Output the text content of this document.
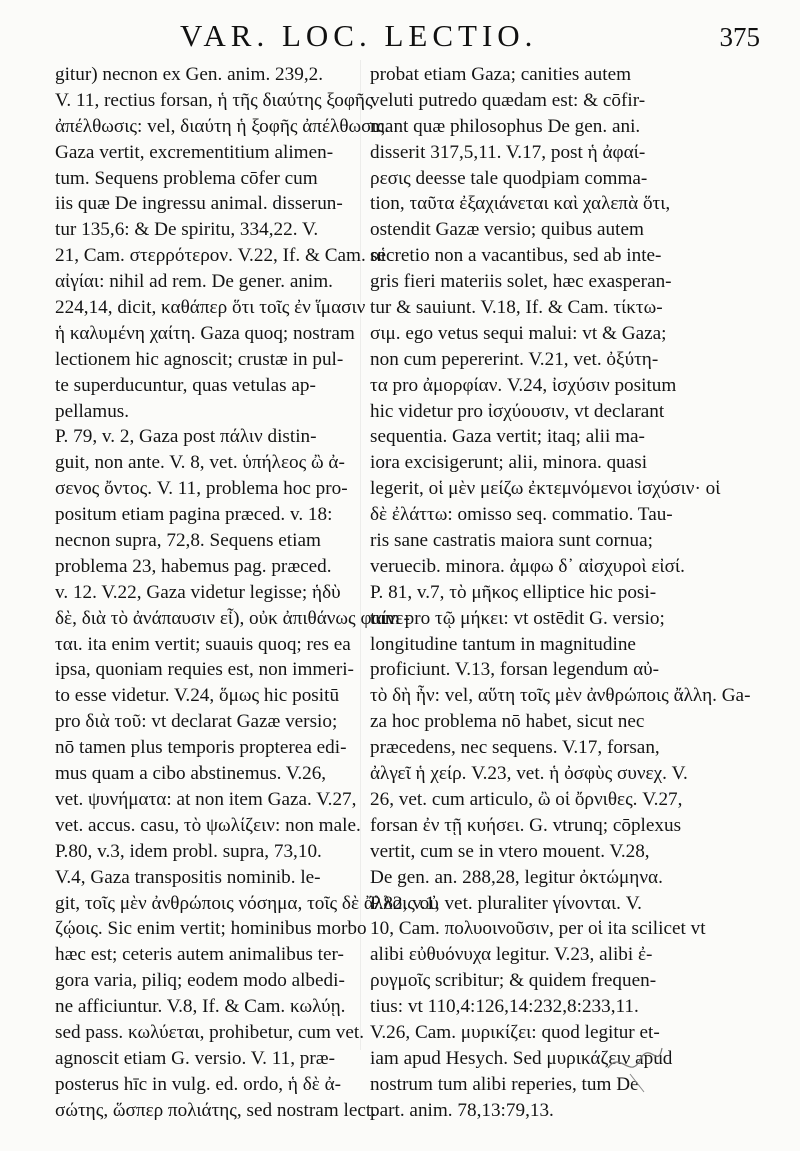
VAR. LOC. LECTIO.	375
gitur) necnon ex Gen. anim. 239,2.
V. 11, rectius forsan, ἡ τῆς διαύτης ξοφῆς
ἀπέλθωσις: vel, διαύτη ἡ ξοφῆς ἀπέλθωσις.
Gaza vertit, excrementitium alimen-
tum. Sequens problema cōfer cum
iis quæ De ingressu animal. disserun-
tur 135,6: & De spiritu, 334,22. V.
21, Cam. στερρότερον. V.22, If. & Cam. αἱ
αἰγίαι: nihil ad rem. De gener. anim.
224,14, dicit, καθάπερ ὅτι τοῖς ἐν ἵμασιν
ἡ καλυμένη χαίτη. Gaza quoq; nostram
lectionem hic agnoscit; crustæ in pul-
te superducuntur, quas vetulas ap-
pellamus.
P. 79, v. 2, Gaza post πάλιν distin-
guit, non ante. V. 8, vet. ὑπήλεος ὢ ἀ-
σενος ὄντος. V. 11, problema hoc pro-
positum etiam pagina præced. v. 18:
necnon supra, 72,8. Sequens etiam
problema 23, habemus pag. præced.
v. 12. V.22, Gaza videtur legisse; ἡδὺ
δὲ, διὰ τὸ ἀνάπαυσιν εἶ), οὐκ ἀπιθάνως φαίνε-
ται. ita enim vertit; suauis quoq; res ea
ipsa, quoniam requies est, non immeri-
to esse videtur. V.24, ὅμως hic positū
pro διὰ τοῦ: vt declarat Gazæ versio;
nō tamen plus temporis propterea edi-
mus quam a cibo abstinemus. V.26,
vet. ψυνήματα: at non item Gaza. V.27,
vet. accus. casu, τὸ ψωλίζειν: non male.
P.80, v.3, idem probl. supra, 73,10.
V.4, Gaza transpositis nominib. le-
git, τοῖς μὲν ἀνθρώποις νόσημα, τοῖς δὲ ἄλλοις οὐ
ζῴοις. Sic enim vertit; hominibus morbo
hæc est; ceteris autem animalibus ter-
gora varia, piliq; eodem modo albedi-
ne afficiuntur. V.8, If. & Cam. κωλύῃ.
sed pass. κωλύεται, prohibetur, cum vet.
agnoscit etiam G. versio. V. 11, præ-
posterus hīc in vulg. ed. ordo, ἡ δὲ ἀ-
σώτης, ὥσπερ πολιάτης, sed nostram lect.
probat etiam Gaza; canities autem
veluti putredo quædam est: & cōfir-
mant quæ philosophus De gen. ani.
disserit 317,5,11. V.17, post ἡ ἀφαί-
ρεσις deesse tale quodpiam comma-
tion, ταῦτα ἐξαχιάνεται καὶ χαλεπὰ ὅτι,
ostendit Gazæ versio; quibus autem
secretio non a vacantibus, sed ab inte-
gris fieri materiis solet, hæc exasperan-
tur & sauiunt. V.18, If. & Cam. τίκτω-
σιμ. ego vetus sequi malui: vt & Gaza;
non cum pepererint. V.21, vet. ὀξύτη-
τα pro ἀμορφίαν. V.24, ἰσχύσιν positum
hic videtur pro ἰσχύουσιν, vt declarant
sequentia. Gaza vertit; itaq; alii ma-
iora excisigerunt; alii, minora. quasi
legerit, οἱ μὲν μείζω ἐκτεμνόμενοι ἰσχύσιν· οἱ
δὲ ἐλάττω: omisso seq. commatio. Tau-
ris sane castratis maiora sunt cornua;
veruecib. minora. ἀμφω δ᾽ αἰσχυροὶ εἰσί.
P. 81, v.7, τὸ μῆκος elliptice hic posi-
tum pro τῷ μήκει: vt ostēdit G. versio;
longitudine tantum in magnitudine
proficiunt. V.13, forsan legendum αὐ-
τὸ δὴ ἦν: vel, αὕτη τοῖς μὲν ἀνθρώποις ἄλλη. Ga-
za hoc problema nō habet, sicut nec
præcedens, nec sequens. V.17, forsan,
ἀλγεῖ ἡ χείρ. V.23, vet. ἡ ὀσφὺς συνεχ. V.
26, vet. cum articulo, ὢ οἱ ὄρνιθες. V.27,
forsan ἐν τῇ κυήσει. G. vtrunq; cōplexus
vertit, cum se in vtero mouent. V.28,
De gen. an. 288,28, legitur ὀκτώμηνα.
P.82, v.1, vet. pluraliter γίνονται. V.
10, Cam. πολυοινοῦσιν, per οἱ ita scilicet vt
alibi εὐθυόνυχα legitur. V.23, alibi ἐ-
ρυγμοῖς scribitur; & quidem frequen-
tius: vt 110,4:126,14:232,8:233,11.
V.26, Cam. μυρικίζει: quod legitur et-
iam apud Hesych. Sed μυρικάζειν apud
nostrum tum alibi reperies, tum De
part. anim. 78,13:79,13.
